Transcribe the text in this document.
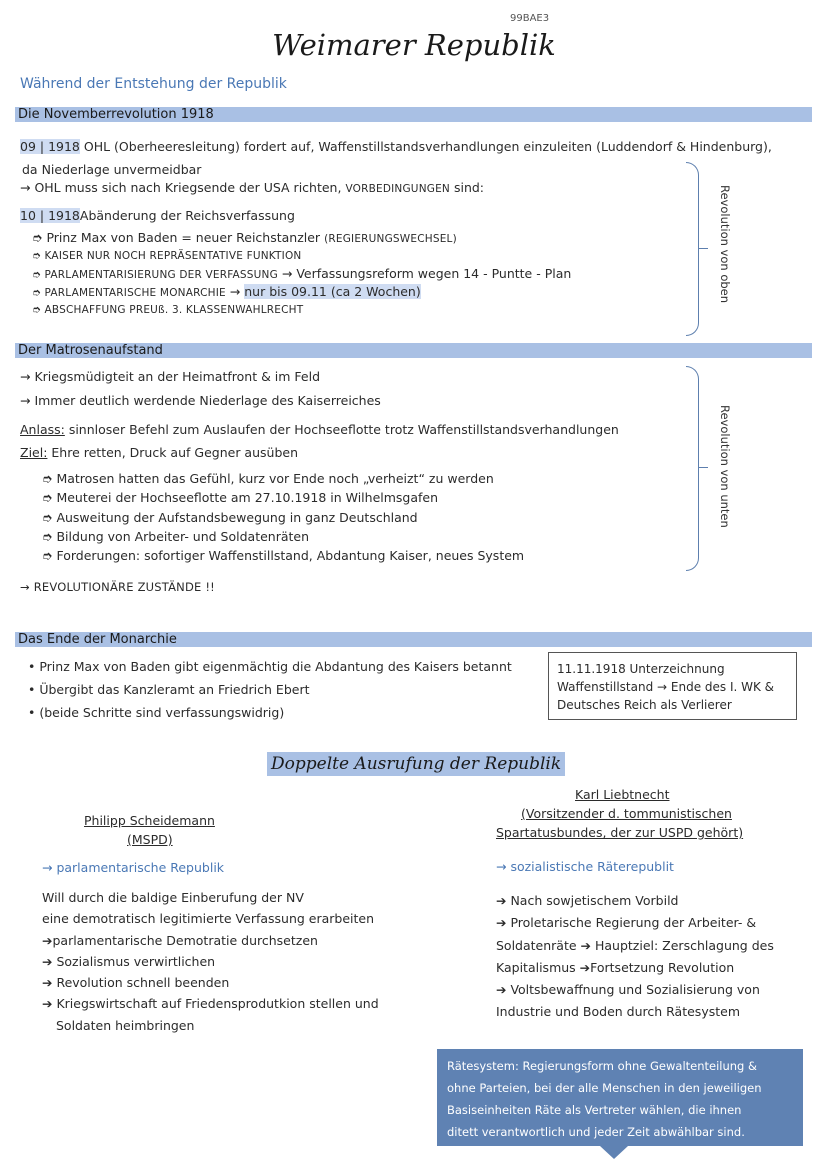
99BAE3
Weimarer Republik
Während der Entstehung der Republik
Die Novemberrevolution 1918
09 | 1918 OHL (Oberheeresleitung) fordert auf, Waffenstillstandsverhandlungen einzuleiten (Luddendorf & Hindenburg),
da Niederlage unvermeidbar
→ OHL muss sich nach Kriegsende der USA richten, VORBEDINGUNGEN sind:
10 | 1918Abänderung der Reichsverfassung
➮ Prinz Max von Baden = neuer Reichstanzler (REGIERUNGSWECHSEL)
➮ KAISER NUR NOCH REPRÄSENTATIVE FUNKTION
➮ PARLAMENTARISIERUNG DER VERFASSUNG → Verfassungsreform wegen 14 - Puntte - Plan
➮ PARLAMENTARISCHE MONARCHIE → nur bis 09.11 (ca 2 Wochen)
➮ ABSCHAFFUNG PREUß. 3. KLASSENWAHLRECHT
Revolution von oben
Der Matrosenaufstand
→ Kriegsmüdigteit an der Heimatfront & im Feld
→ Immer deutlich werdende Niederlage des Kaiserreiches
Anlass: sinnloser Befehl zum Auslaufen der Hochseeflotte trotz Waffenstillstandsverhandlungen
Ziel: Ehre retten, Druck auf Gegner ausüben
➮ Matrosen hatten das Gefühl, kurz vor Ende noch „verheizt“ zu werden
➮ Meuterei der Hochseeflotte am 27.10.1918 in Wilhelmsgafen
➮ Ausweitung der Aufstandsbewegung in ganz Deutschland
➮ Bildung von Arbeiter- und Soldatenräten
➮ Forderungen: sofortiger Waffenstillstand, Abdantung Kaiser, neues System
→ REVOLUTIONÄRE ZUSTÄNDE !!
Revolution von unten
Das Ende der Monarchie
• Prinz Max von Baden gibt eigenmächtig die Abdantung des Kaisers betannt
• Übergibt das Kanzleramt an Friedrich Ebert
• (beide Schritte sind verfassungswidrig)
11.11.1918 Unterzeichnung
Waffenstillstand → Ende des I. WK &
Deutsches Reich als Verlierer
Doppelte Ausrufung der Republik
Philipp Scheidemann
(MSPD)
→ parlamentarische Republik
Will durch die baldige Einberufung der NV
eine demotratisch legitimierte Verfassung erarbeiten
➔parlamentarische Demotratie durchsetzen
➔ Sozialismus verwirtlichen
➔ Revolution schnell beenden
➔ Kriegswirtschaft auf Friedensprodutkion stellen und
Soldaten heimbringen
Karl Liebtnecht
(Vorsitzender d. tommunistischen
Spartatusbundes, der zur USPD gehört)
→ sozialistische Räterepublit
➔ Nach sowjetischem Vorbild
➔ Proletarische Regierung der Arbeiter- &
Soldatenräte ➔ Hauptziel: Zerschlagung des
Kapitalismus ➔Fortsetzung Revolution
➔ Voltsbewaffnung und Sozialisierung von
Industrie und Boden durch Rätesystem
Rätesystem: Regierungsform ohne Gewaltenteilung &
ohne Parteien, bei der alle Menschen in den jeweiligen
Basiseinheiten Räte als Vertreter wählen, die ihnen
ditett verantwortlich und jeder Zeit abwählbar sind.
